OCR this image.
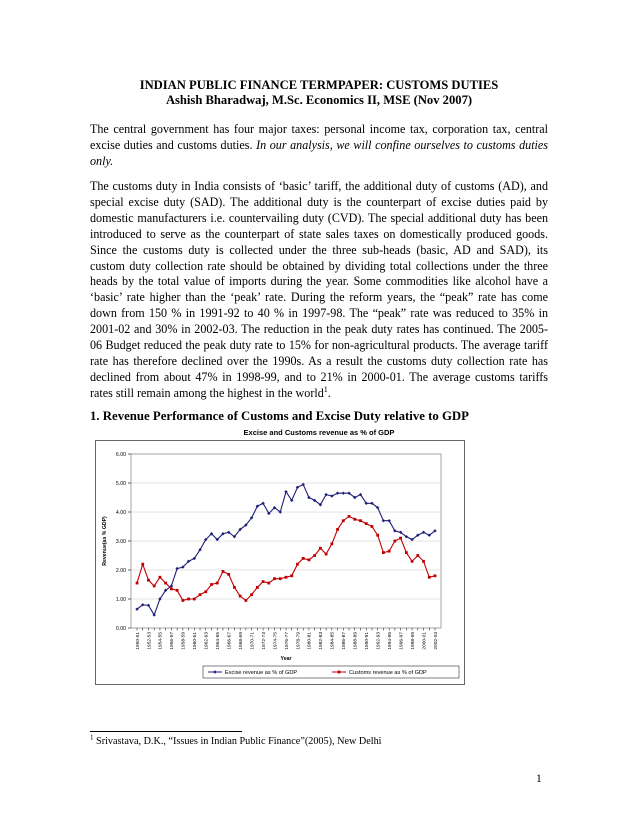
INDIAN PUBLIC FINANCE TERMPAPER: CUSTOMS DUTIES
Ashish Bharadwaj, M.Sc. Economics II, MSE (Nov 2007)
The central government has four major taxes: personal income tax, corporation tax, central excise duties and customs duties. In our analysis, we will confine ourselves to customs duties only.
The customs duty in India consists of ‘basic’ tariff, the additional duty of customs (AD), and special excise duty (SAD). The additional duty is the counterpart of excise duties paid by domestic manufacturers i.e. countervailing duty (CVD). The special additional duty has been introduced to serve as the counterpart of state sales taxes on domestically produced goods. Since the customs duty is collected under the three sub-heads (basic, AD and SAD), its custom duty collection rate should be obtained by dividing total collections under the three heads by the total value of imports during the year. Some commodities like alcohol have a ‘basic’ rate higher than the ‘peak’ rate. During the reform years, the “peak” rate has come down from 150 % in 1991-92 to 40 % in 1997-98. The “peak” rate was reduced to 35% in 2001-02 and 30% in 2002-03. The reduction in the peak duty rates has continued. The 2005-06 Budget reduced the peak duty rate to 15% for non-agricultural products. The average tariff rate has therefore declined over the 1990s. As a result the customs duty collection rate has declined from about 47% in 1998-99, and to 21% in 2000-01. The average customs tariffs rates still remain among the highest in the world$^1$.
1. Revenue Performance of Customs and Excise Duty relative to GDP
Excise and Customs revenue as % of GDP
0.00
1.00
2.00
3.00
4.00
5.00
6.00
Revenue(as % GDP)
1950-51 1952-53 1954-55 1956-57 1958-59 1960-61 1962-63 1964-65 1966-67 1968-69 1970-71 1972-73 1974-75 1976-77 1978-79 1980-81 1982-83 1984-85 1986-87 1988-89 1990-91 1992-93 1994-95 1996-97 1998-99 2000-01 2002-03
Year
Excise revenue as % of GDP	Customs revenue as % of GDP
$^1$ Srivastava, D.K., “Issues in Indian Public Finance”(2005), New Delhi
1
